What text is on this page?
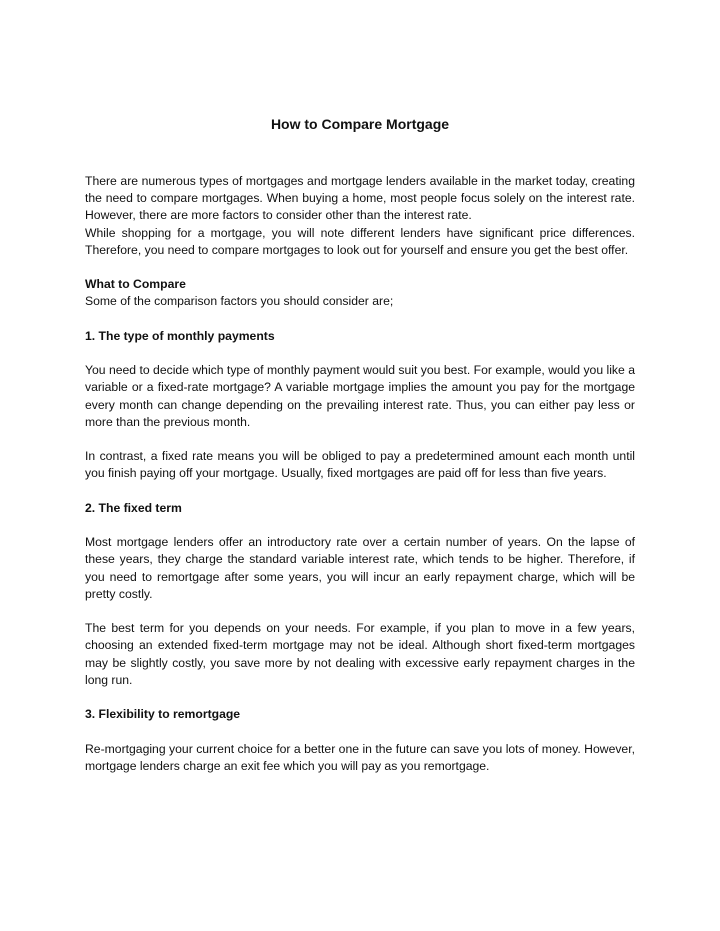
How to Compare Mortgage

There are numerous types of mortgages and mortgage lenders available in the market today, creating the need to compare mortgages. When buying a home, most people focus solely on the interest rate. However, there are more factors to consider other than the interest rate.

While shopping for a mortgage, you will note different lenders have significant price differences. Therefore, you need to compare mortgages to look out for yourself and ensure you get the best offer.

What to Compare

Some of the comparison factors you should consider are;

1. The type of monthly payments

You need to decide which type of monthly payment would suit you best. For example, would you like a variable or a fixed-rate mortgage? A variable mortgage implies the amount you pay for the mortgage every month can change depending on the prevailing interest rate. Thus, you can either pay less or more than the previous month.

In contrast, a fixed rate means you will be obliged to pay a predetermined amount each month until you finish paying off your mortgage. Usually, fixed mortgages are paid off for less than five years.

2. The fixed term

Most mortgage lenders offer an introductory rate over a certain number of years. On the lapse of these years, they charge the standard variable interest rate, which tends to be higher. Therefore, if you need to remortgage after some years, you will incur an early repayment charge, which will be pretty costly.

The best term for you depends on your needs. For example, if you plan to move in a few years, choosing an extended fixed-term mortgage may not be ideal. Although short fixed-term mortgages may be slightly costly, you save more by not dealing with excessive early repayment charges in the long run.

3. Flexibility to remortgage

Re-mortgaging your current choice for a better one in the future can save you lots of money. However, mortgage lenders charge an exit fee which you will pay as you remortgage.
